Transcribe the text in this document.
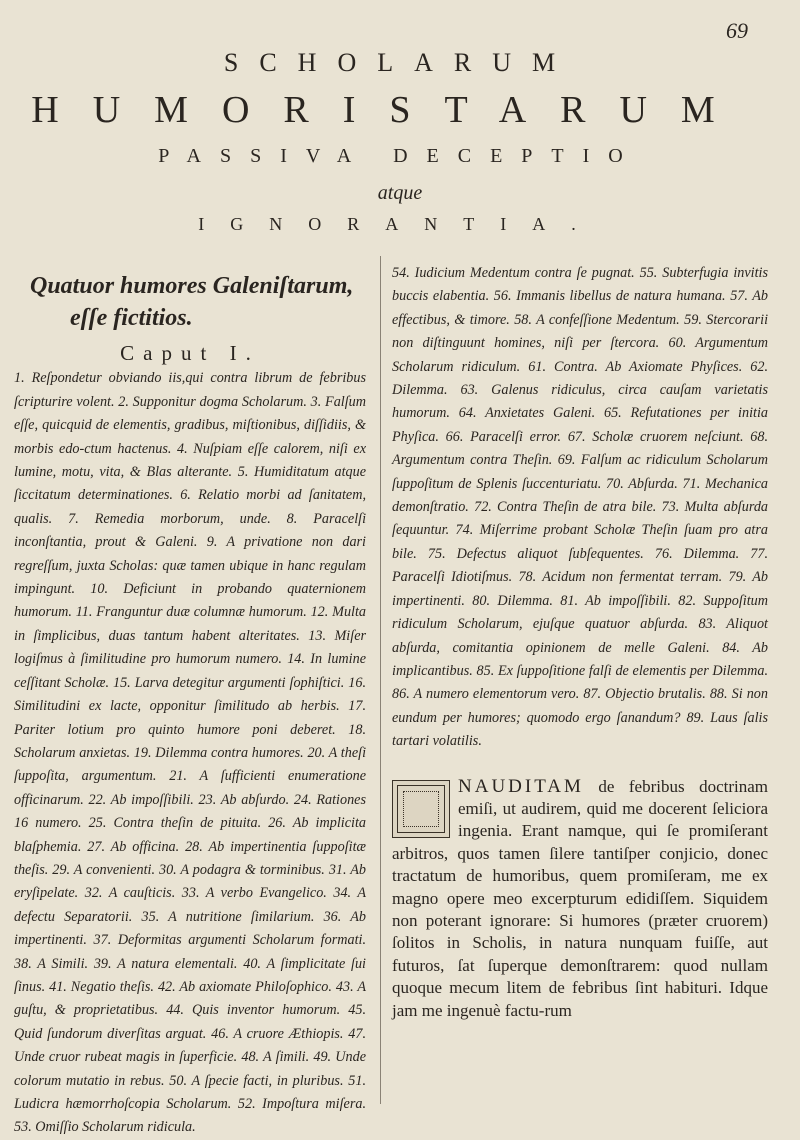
69
SCHOLARUM
HUMORISTARUM
PASSIVA DECEPTIO
atque
IGNORANTIA.
Quatuor humores Galeniſtarum,
eſſe fictitios.
Caput I.
1. Reſpondetur obviando iis,qui contra librum de febribus ſcripturire volent. 2. Supponitur dogma Scholarum. 3. Falſum eſſe, quicquid de elementis, gradibus, miſtionibus, diſſidiis, & morbis edo-ctum hactenus. 4. Nuſpiam eſſe calorem, niſi ex lumine, motu, vita, & Blas alterante. 5. Humiditatum atque ſiccitatum determinationes. 6. Relatio morbi ad ſanitatem, qualis. 7. Remedia morborum, unde. 8. Paracelſi inconſtantia, prout & Galeni. 9. A privatione non dari regreſſum, juxta Scholas: quæ tamen ubique in hanc regulam impingunt. 10. Deficiunt in probando quaternionem humorum. 11. Franguntur duæ columnæ humorum. 12. Multa in ſimplicibus, duas tantum habent alteritates. 13. Miſer logiſmus à ſimilitudine pro humorum numero. 14. In lumine ceſſitant Scholæ. 15. Larva detegitur argumenti ſophiſtici. 16. Similitudini ex lacte, opponitur ſimilitudo ab herbis. 17. Pariter lotium pro quinto humore poni deberet. 18. Scholarum anxietas. 19. Dilemma contra humores. 20. A theſi ſuppoſita, argumentum. 21. A ſufficienti enumeratione officinarum. 22. Ab impoſſibili. 23. Ab abſurdo. 24. Rationes 16 numero. 25. Contra theſin de pituita. 26. Ab implicita blaſphemia. 27. Ab officina. 28. Ab impertinentia ſuppoſitæ theſis. 29. A convenienti. 30. A podagra & torminibus. 31. Ab eryſipelate. 32. A cauſticis. 33. A verbo Evangelico. 34. A defectu Separatorii. 35. A nutritione ſimilarium. 36. Ab impertinenti. 37. Deformitas argumenti Scholarum formati. 38. A Simili. 39. A natura elementali. 40. A ſimplicitate ſui ſinus. 41. Negatio theſis. 42. Ab axiomate Philoſophico. 43. A guſtu, & proprietatibus. 44. Quis inventor humorum. 45. Quid ſundorum diverſitas arguat. 46. A cruore Æthiopis. 47. Unde cruor rubeat magis in ſuperficie. 48. A ſimili. 49. Unde colorum mutatio in rebus. 50. A ſpecie facti, in pluribus. 51. Ludicra hæmorrhoſcopia Scholarum. 52. Impoſtura miſera. 53. Omiſſio Scholarum ridicula.
54. Iudicium Medentum contra ſe pugnat. 55. Subterfugia invitis buccis elabentia. 56. Immanis libellus de natura humana. 57. Ab effectibus, & timore. 58. A confeſſione Medentum. 59. Stercorarii non diſtinguunt homines, niſi per ſtercora. 60. Argumentum Scholarum ridiculum. 61. Contra. Ab Axiomate Phyſices. 62. Dilemma. 63. Galenus ridiculus, circa cauſam varietatis humorum. 64. Anxietates Galeni. 65. Refutationes per initia Phyſica. 66. Paracelſi error. 67. Scholæ cruorem neſciunt. 68. Argumentum contra Theſin. 69. Falſum ac ridiculum Scholarum ſuppoſitum de Splenis ſuccenturiatu. 70. Abſurda. 71. Mechanica demonſtratio. 72. Contra Theſin de atra bile. 73. Multa abſurda ſequuntur. 74. Miſerrime probant Scholæ Theſin ſuam pro atra bile. 75. Defectus aliquot ſubſequentes. 76. Dilemma. 77. Paracelſi Idiotiſmus. 78. Acidum non fermentat terram. 79. Ab impertinenti. 80. Dilemma. 81. Ab impoſſibili. 82. Suppoſitum ridiculum Scholarum, ejuſque quatuor abſurda. 83. Aliquot abſurda, comitantia opinionem de melle Galeni. 84. Ab implicantibus. 85. Ex ſuppoſitione falſi de elementis per Dilemma. 86. A numero elementorum vero. 87. Objectio brutalis. 88. Si non eundum per humores; quomodo ergo ſanandum? 89. Laus ſalis tartari volatilis.
NAUDITAM de febribus doctrinam emiſi, ut audirem, quid me docerent ſeliciora ingenia. Erant namque, qui ſe promiſerant arbitros, quos tamen ſilere tantiſper conjicio, donec tractatum de humoribus, quem promiſeram, me ex magno opere meo excerpturum edidiſſem. Siquidem non poterant ignorare: Si humores (præter cruorem) ſolitos in Scholis, in natura nunquam fuiſſe, aut futuros, ſat ſuperque demonſtrarem: quod nullam quoque mecum litem de febribus ſint habituri. Idque jam me ingenuè factu-rum
